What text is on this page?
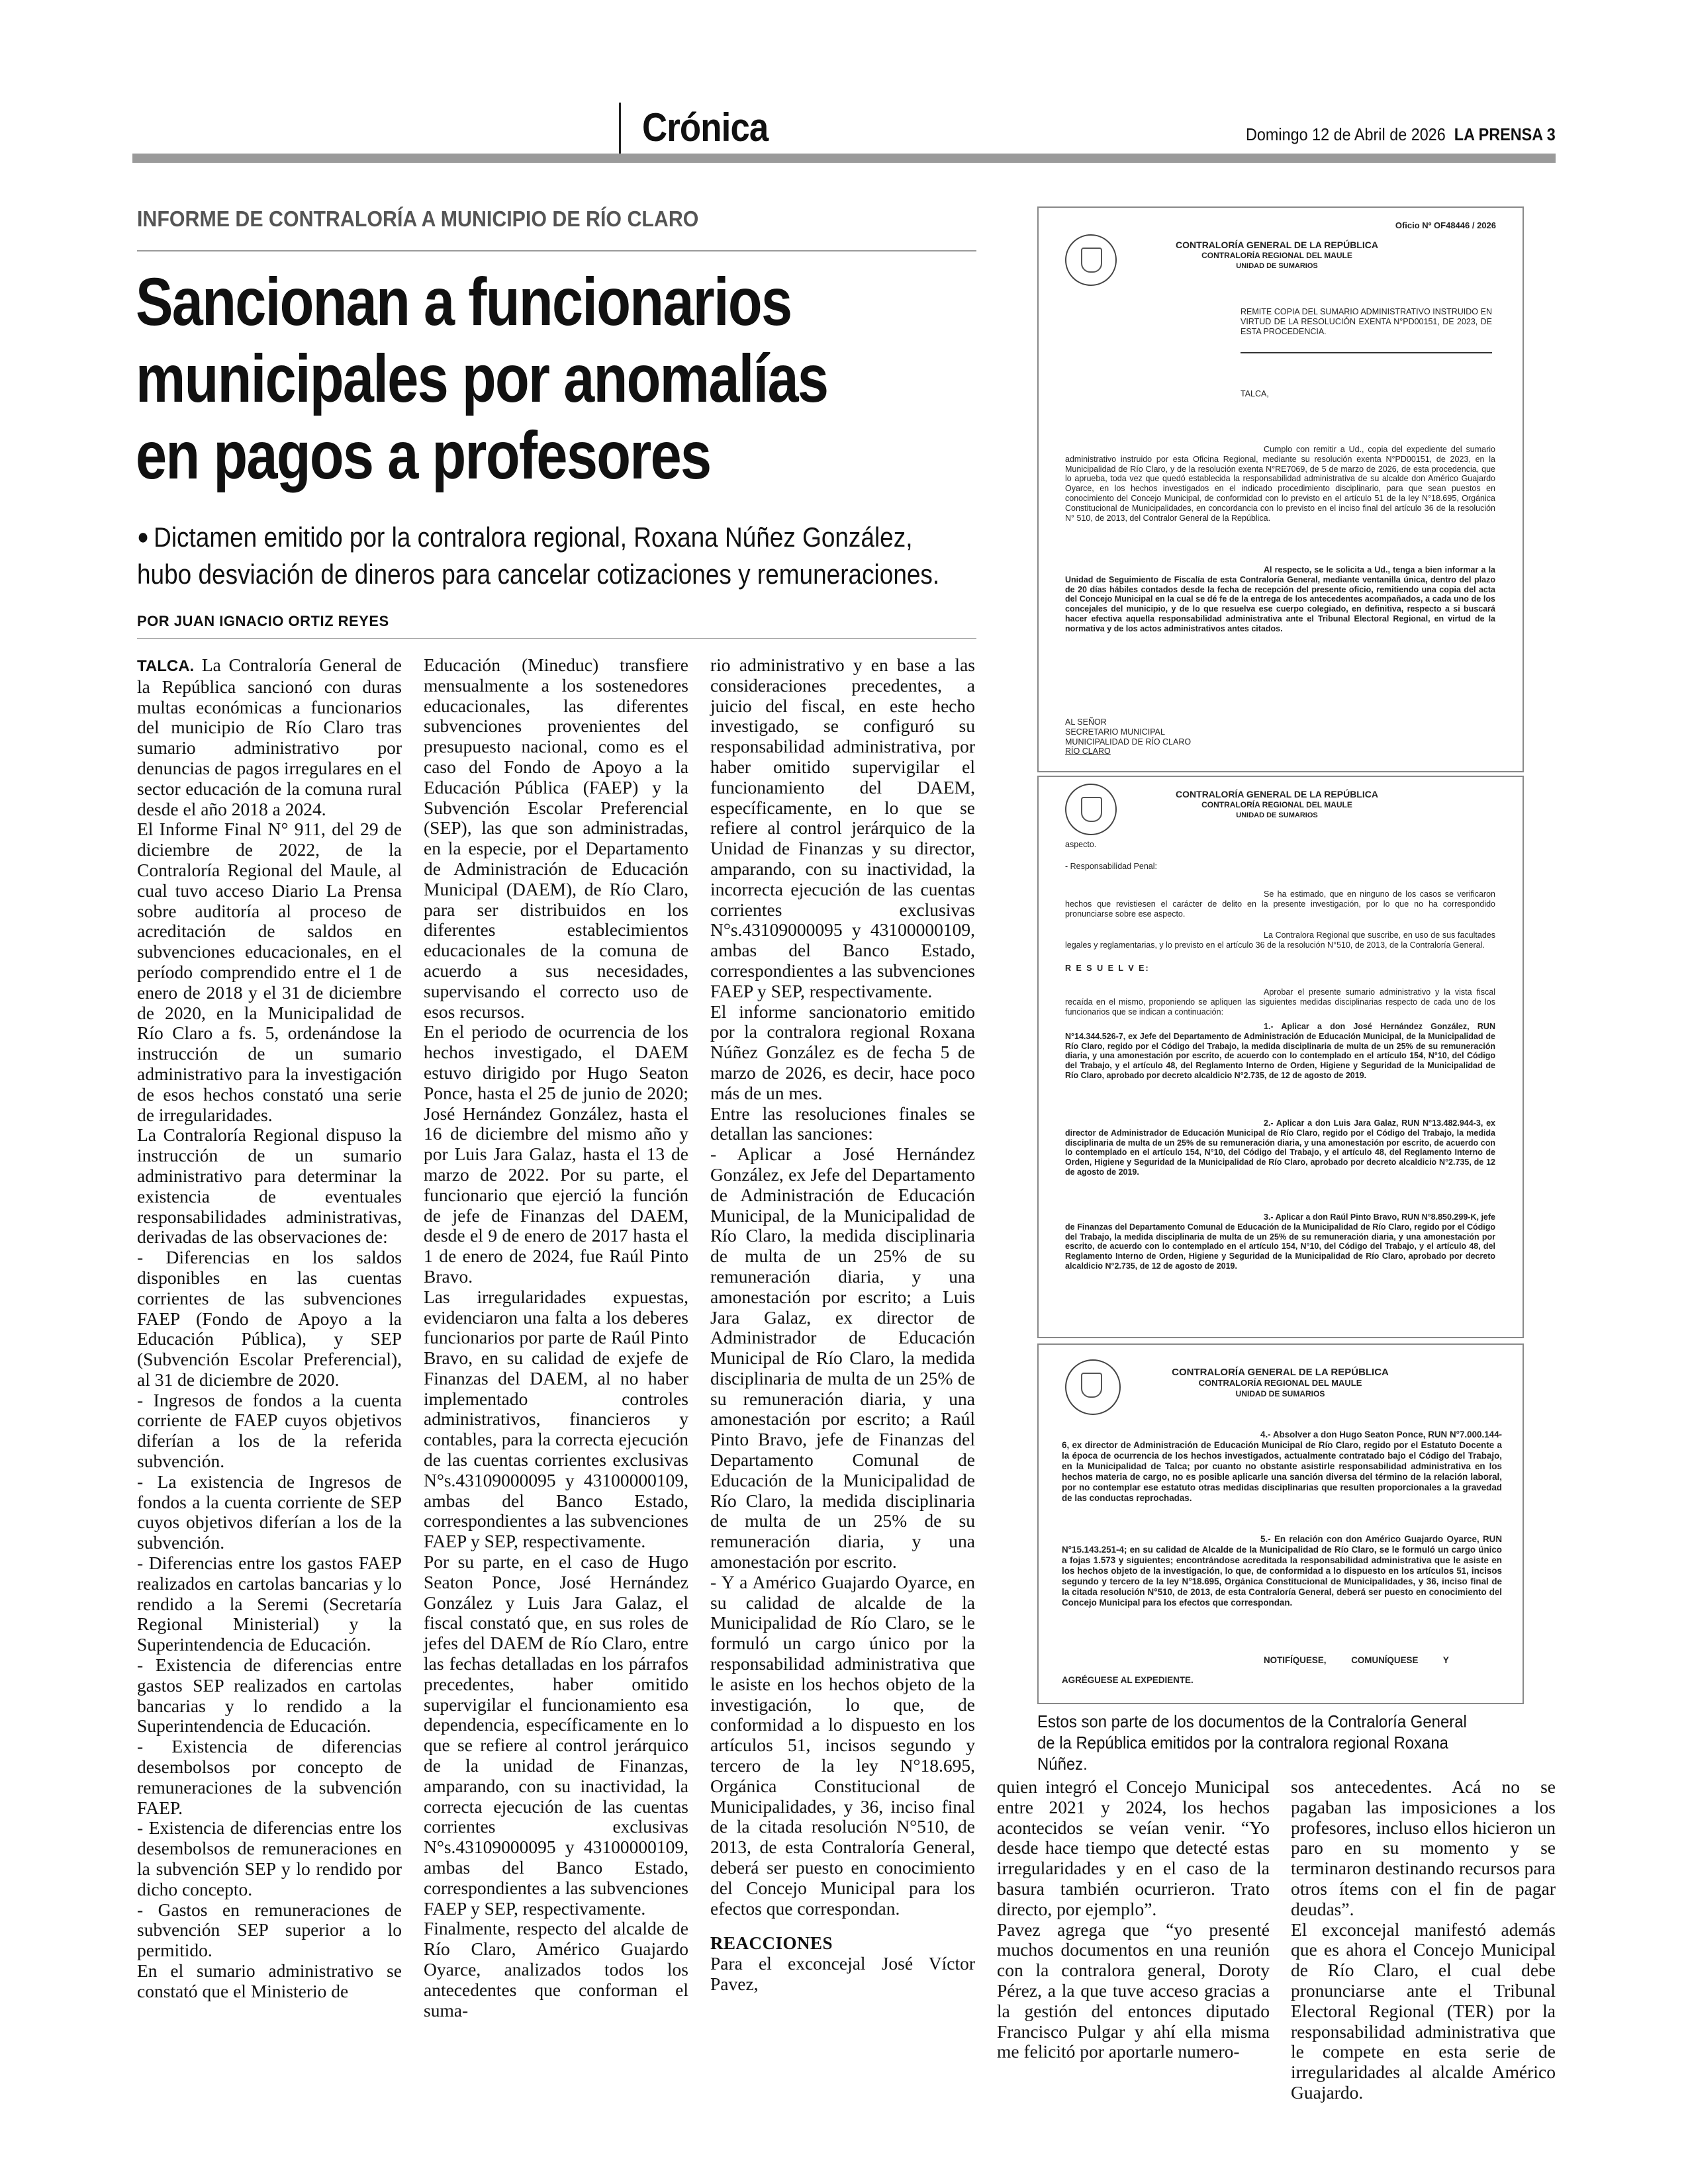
Crónica	Domingo 12 de Abril de 2026 LA PRENSA 3
INFORME DE CONTRALORÍA A MUNICIPIO DE RÍO CLARO
Sancionan a funcionarios
municipales por anomalías
en pagos a profesores
● Dictamen emitido por la contralora regional, Roxana Núñez González, hubo desviación de dineros para cancelar cotizaciones y remuneraciones.
POR JUAN IGNACIO ORTIZ REYES

TALCA. La Contraloría General de la República sancionó con duras multas económicas a funcionarios del municipio de Río Claro tras sumario administrativo por denuncias de pagos irregulares en el sector educación de la comuna rural desde el año 2018 a 2024.

El Informe Final N° 911, del 29 de diciembre de 2022, de la Contraloría Regional del Maule, al cual tuvo acceso Diario La Prensa sobre auditoría al proceso de acreditación de saldos en subvenciones educacionales, en el período comprendido entre el 1 de enero de 2018 y el 31 de diciembre de 2020, en la Municipalidad de Río Claro a fs. 5, ordenándose la instrucción de un sumario administrativo para la investigación de esos hechos constató una serie de irregularidades.

La Contraloría Regional dispuso la instrucción de un sumario administrativo para determinar la existencia de eventuales responsabilidades administrativas, derivadas de las observaciones de:

- Diferencias en los saldos disponibles en las cuentas corrientes de las subvenciones FAEP (Fondo de Apoyo a la Educación Pública), y SEP (Subvención Escolar Preferencial), al 31 de diciembre de 2020.

- Ingresos de fondos a la cuenta corriente de FAEP cuyos objetivos diferían a los de la referida subvención.

- La existencia de Ingresos de fondos a la cuenta corriente de SEP cuyos objetivos diferían a los de la subvención.

- Diferencias entre los gastos FAEP realizados en cartolas bancarias y lo rendido a la Seremi (Secretaría Regional Ministerial) y la Superintendencia de Educación.

- Existencia de diferencias entre gastos SEP realizados en cartolas bancarias y lo rendido a la Superintendencia de Educación.

- Existencia de diferencias desembolsos por concepto de remuneraciones de la subvención FAEP.

- Existencia de diferencias entre los desembolsos de remuneraciones en la subvención SEP y lo rendido por dicho concepto.

- Gastos en remuneraciones de subvención SEP superior a lo permitido.

En el sumario administrativo se constató que el Ministerio de

Educación (Mineduc) transfiere mensualmente a los sostenedores educacionales, las diferentes subvenciones provenientes del presupuesto nacional, como es el caso del Fondo de Apoyo a la Educación Pública (FAEP) y la Subvención Escolar Preferencial (SEP), las que son administradas, en la especie, por el Departamento de Administración de Educación Municipal (DAEM), de Río Claro, para ser distribuidos en los diferentes establecimientos educacionales de la comuna de acuerdo a sus necesidades, supervisando el correcto uso de esos recursos.

En el periodo de ocurrencia de los hechos investigado, el DAEM estuvo dirigido por Hugo Seaton Ponce, hasta el 25 de junio de 2020; José Hernández González, hasta el 16 de diciembre del mismo año y por Luis Jara Galaz, hasta el 13 de marzo de 2022. Por su parte, el funcionario que ejerció la función de jefe de Finanzas del DAEM, desde el 9 de enero de 2017 hasta el 1 de enero de 2024, fue Raúl Pinto Bravo.

Las irregularidades expuestas, evidenciaron una falta a los deberes funcionarios por parte de Raúl Pinto Bravo, en su calidad de exjefe de Finanzas del DAEM, al no haber implementado controles administrativos, financieros y contables, para la correcta ejecución de las cuentas corrientes exclusivas N°s.43109000095 y 43100000109, ambas del Banco Estado, correspondientes a las subvenciones FAEP y SEP, respectivamente.

Por su parte, en el caso de Hugo Seaton Ponce, José Hernández González y Luis Jara Galaz, el fiscal constató que, en sus roles de jefes del DAEM de Río Claro, entre las fechas detalladas en los párrafos precedentes, haber omitido supervigilar el funcionamiento esa dependencia, específicamente en lo que se refiere al control jerárquico de la unidad de Finanzas, amparando, con su inactividad, la correcta ejecución de las cuentas corrientes exclusivas N°s.43109000095 y 43100000109, ambas del Banco Estado, correspondientes a las subvenciones FAEP y SEP, respectivamente.

Finalmente, respecto del alcalde de Río Claro, Américo Guajardo Oyarce, analizados todos los antecedentes que conforman el suma-

rio administrativo y en base a las consideraciones precedentes, a juicio del fiscal, en este hecho investigado, se configuró su responsabilidad administrativa, por haber omitido supervigilar el funcionamiento del DAEM, específicamente, en lo que se refiere al control jerárquico de la Unidad de Finanzas y su director, amparando, con su inactividad, la incorrecta ejecución de las cuentas corrientes exclusivas N°s.43109000095 y 43100000109, ambas del Banco Estado, correspondientes a las subvenciones FAEP y SEP, respectivamente.

El informe sancionatorio emitido por la contralora regional Roxana Núñez González es de fecha 5 de marzo de 2026, es decir, hace poco más de un mes.

Entre las resoluciones finales se detallan las sanciones:

- Aplicar a José Hernández González, ex Jefe del Departamento de Administración de Educación Municipal, de la Municipalidad de Río Claro, la medida disciplinaria de multa de un 25% de su remuneración diaria, y una amonestación por escrito; a Luis Jara Galaz, ex director de Administrador de Educación Municipal de Río Claro, la medida disciplinaria de multa de un 25% de su remuneración diaria, y una amonestación por escrito; a Raúl Pinto Bravo, jefe de Finanzas del Departamento Comunal de Educación de la Municipalidad de Río Claro, la medida disciplinaria de multa de un 25% de su remuneración diaria, y una amonestación por escrito.

- Y a Américo Guajardo Oyarce, en su calidad de alcalde de la Municipalidad de Río Claro, se le formuló un cargo único por la responsabilidad administrativa que le asiste en los hechos objeto de la investigación, lo que, de conformidad a lo dispuesto en los artículos 51, incisos segundo y tercero de la ley N°18.695, Orgánica Constitucional de Municipalidades, y 36, inciso final de la citada resolución N°510, de 2013, de esta Contraloría General, deberá ser puesto en conocimiento del Concejo Municipal para los efectos que correspondan.

REACCIONES

Para el exconcejal José Víctor Pavez,

quien integró el Concejo Municipal entre 2021 y 2024, los hechos acontecidos se veían venir. “Yo desde hace tiempo que detecté estas irregularidades y en el caso de la basura también ocurrieron. Trato directo, por ejemplo”.

Pavez agrega que “yo presenté muchos documentos en una reunión con la contralora general, Doroty Pérez, a la que tuve acceso gracias a la gestión del entonces diputado Francisco Pulgar y ahí ella misma me felicitó por aportarle numero-

sos antecedentes. Acá no se pagaban las imposiciones a los profesores, incluso ellos hicieron un paro en su momento y se terminaron destinando recursos para otros ítems con el fin de pagar deudas”.

El exconcejal manifestó además que es ahora el Concejo Municipal de Río Claro, el cual debe pronunciarse ante el Tribunal Electoral Regional (TER) por la responsabilidad administrativa que le compete en esta serie de irregularidades al alcalde Américo Guajardo.

Oficio Nº OF48446 / 2026
CONTRALORÍA GENERAL DE LA REPÚBLICA
CONTRALORÍA REGIONAL DEL MAULE
UNIDAD DE SUMARIOS
REMITE COPIA DEL SUMARIO ADMINISTRATIVO INSTRUIDO EN VIRTUD DE LA RESOLUCIÓN EXENTA N°PD00151, DE 2023, DE ESTA PROCEDENCIA.
TALCA,
Cumplo con remitir a Ud., copia del expediente del sumario administrativo instruido por esta Oficina Regional, mediante su resolución exenta N°PD00151, de 2023, en la Municipalidad de Río Claro, y de la resolución exenta N°RE7069, de 5 de marzo de 2026, de esta procedencia, que lo aprueba, toda vez que quedó establecida la responsabilidad administrativa de su alcalde don Américo Guajardo Oyarce, en los hechos investigados en el indicado procedimiento disciplinario, para que sean puestos en conocimiento del Concejo Municipal, de conformidad con lo previsto en el artículo 51 de la ley N°18.695, Orgánica Constitucional de Municipalidades, en concordancia con lo previsto en el inciso final del artículo 36 de la resolución N° 510, de 2013, del Contralor General de la República.
Al respecto, se le solicita a Ud., tenga a bien informar a la Unidad de Seguimiento de Fiscalía de esta Contraloría General, mediante ventanilla única, dentro del plazo de 20 días hábiles contados desde la fecha de recepción del presente oficio, remitiendo una copia del acta del Concejo Municipal en la cual se dé fe de la entrega de los antecedentes acompañados, a cada uno de los concejales del municipio, y de lo que resuelva ese cuerpo colegiado, en definitiva, respecto a si buscará hacer efectiva aquella responsabilidad administrativa ante el Tribunal Electoral Regional, en virtud de la normativa y de los actos administrativos antes citados.
AL SEÑOR
SECRETARIO MUNICIPAL
MUNICIPALIDAD DE RÍO CLARO
RÍO CLARO
CONTRALORÍA GENERAL DE LA REPÚBLICA
CONTRALORÍA REGIONAL DEL MAULE
UNIDAD DE SUMARIOS
aspecto.
- Responsabilidad Penal:
Se ha estimado, que en ninguno de los casos se verificaron hechos que revistiesen el carácter de delito en la presente investigación, por lo que no ha correspondido pronunciarse sobre ese aspecto.
La Contralora Regional que suscribe, en uso de sus facultades legales y reglamentarias, y lo previsto en el artículo 36 de la resolución N°510, de 2013, de la Contraloría General.
R E S U E L V E:
Aprobar el presente sumario administrativo y la vista fiscal recaída en el mismo, proponiendo se apliquen las siguientes medidas disciplinarias respecto de cada uno de los funcionarios que se indican a continuación:
1.- Aplicar a don José Hernández González, RUN N°14.344.526-7, ex Jefe del Departamento de Administración de Educación Municipal, de la Municipalidad de Río Claro, regido por el Código del Trabajo, la medida disciplinaria de multa de un 25% de su remuneración diaria, y una amonestación por escrito, de acuerdo con lo contemplado en el artículo 154, N°10, del Código del Trabajo, y el artículo 48, del Reglamento Interno de Orden, Higiene y Seguridad de la Municipalidad de Río Claro, aprobado por decreto alcaldicio N°2.735, de 12 de agosto de 2019.
2.- Aplicar a don Luis Jara Galaz, RUN N°13.482.944-3, ex director de Administrador de Educación Municipal de Río Claro, regido por el Código del Trabajo, la medida disciplinaria de multa de un 25% de su remuneración diaria, y una amonestación por escrito, de acuerdo con lo contemplado en el artículo 154, N°10, del Código del Trabajo, y el artículo 48, del Reglamento Interno de Orden, Higiene y Seguridad de la Municipalidad de Río Claro, aprobado por decreto alcaldicio N°2.735, de 12 de agosto de 2019.
3.- Aplicar a don Raúl Pinto Bravo, RUN N°8.850.299-K, jefe de Finanzas del Departamento Comunal de Educación de la Municipalidad de Río Claro, regido por el Código del Trabajo, la medida disciplinaria de multa de un 25% de su remuneración diaria, y una amonestación por escrito, de acuerdo con lo contemplado en el artículo 154, N°10, del Código del Trabajo, y el artículo 48, del Reglamento Interno de Orden, Higiene y Seguridad de la Municipalidad de Río Claro, aprobado por decreto alcaldicio N°2.735, de 12 de agosto de 2019.
CONTRALORÍA GENERAL DE LA REPÚBLICA
CONTRALORÍA REGIONAL DEL MAULE
UNIDAD DE SUMARIOS
4.- Absolver a don Hugo Seaton Ponce, RUN N°7.000.144-6, ex director de Administración de Educación Municipal de Río Claro, regido por el Estatuto Docente a la época de ocurrencia de los hechos investigados, actualmente contratado bajo el Código del Trabajo, en la Municipalidad de Talca; por cuanto no obstante asistirle responsabilidad administrativa en los hechos materia de cargo, no es posible aplicarle una sanción diversa del término de la relación laboral, por no contemplar ese estatuto otras medidas disciplinarias que resulten proporcionales a la gravedad de las conductas reprochadas.
5.- En relación con don Américo Guajardo Oyarce, RUN N°15.143.251-4; en su calidad de Alcalde de la Municipalidad de Río Claro, se le formuló un cargo único a fojas 1.573 y siguientes; encontrándose acreditada la responsabilidad administrativa que le asiste en los hechos objeto de la investigación, lo que, de conformidad a lo dispuesto en los artículos 51, incisos segundo y tercero de la ley N°18.695, Orgánica Constitucional de Municipalidades, y 36, inciso final de la citada resolución N°510, de 2013, de esta Contraloría General, deberá ser puesto en conocimiento del Concejo Municipal para los efectos que correspondan.
NOTIFÍQUESE, COMUNÍQUESE Y
AGRÉGUESE AL EXPEDIENTE.
Estos son parte de los documentos de la Contraloría General de la República emitidos por la contralora regional Roxana Núñez.
